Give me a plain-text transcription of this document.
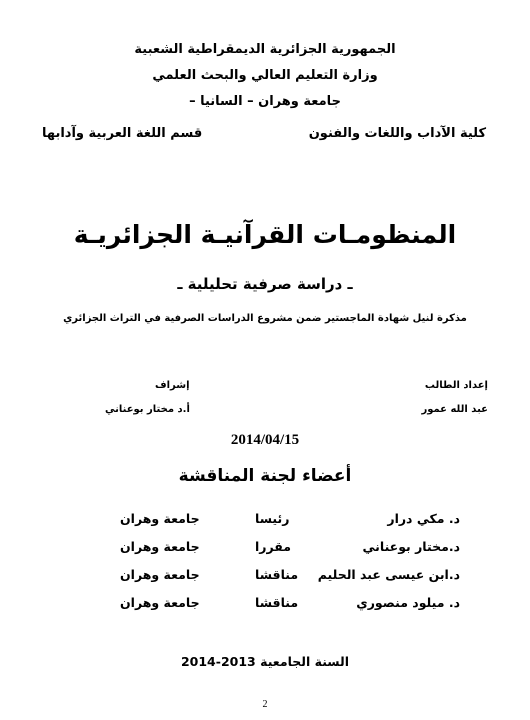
الجمهورية الجزائرية الديمقراطية الشعبية
وزارة التعليم العالي والبحث العلمي
جامعة وهران – السانيا –
كلية الآداب واللغات والفنون
قسم اللغة العربية وآدابها
المنظومـات القرآنيـة الجزائريـة
ـ دراسة صرفية تحليلية ـ
مذكرة لنيل شهادة الماجستير ضمن مشروع الدراسات الصرفية في التراث الجزائري
إعداد الطالب
عبد الله عمور
إشراف
أ.د مختار بوعناني
2014/04/15
أعضاء لجنة المناقشة
د. مكي درار
رئيسا
جامعة وهران
د.مختار بوعناني
مقررا
جامعة وهران
د.ابن عيسى عبد الحليم
مناقشا
جامعة وهران
د. ميلود منصوري
مناقشا
جامعة وهران
السنة الجامعية 2013-2014
2
